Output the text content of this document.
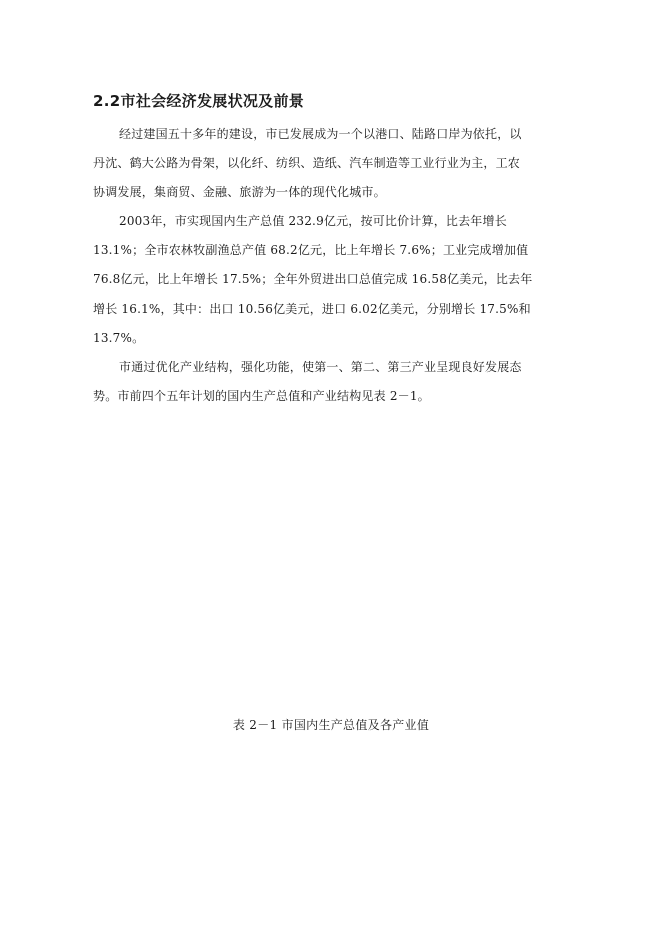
2.2市社会经济发展状况及前景
经过建国五十多年的建设，市已发展成为一个以港口、陆路口岸为依托，以
丹沈、鹤大公路为骨架，以化纤、纺织、造纸、汽车制造等工业行业为主，工农
协调发展，集商贸、金融、旅游为一体的现代化城市。
2003年，市实现国内生产总值 232.9亿元，按可比价计算，比去年增长
13.1%；全市农林牧副渔总产值 68.2亿元，比上年增长 7.6%；工业完成增加值
76.8亿元，比上年增长 17.5%；全年外贸进出口总值完成 16.58亿美元，比去年
增长 16.1%，其中：出口 10.56亿美元，进口 6.02亿美元，分别增长 17.5%和
13.7%。
市通过优化产业结构，强化功能，使第一、第二、第三产业呈现良好发展态
势。市前四个五年计划的国内生产总值和产业结构见表 2－1。
表 2－1 市国内生产总值及各产业值
